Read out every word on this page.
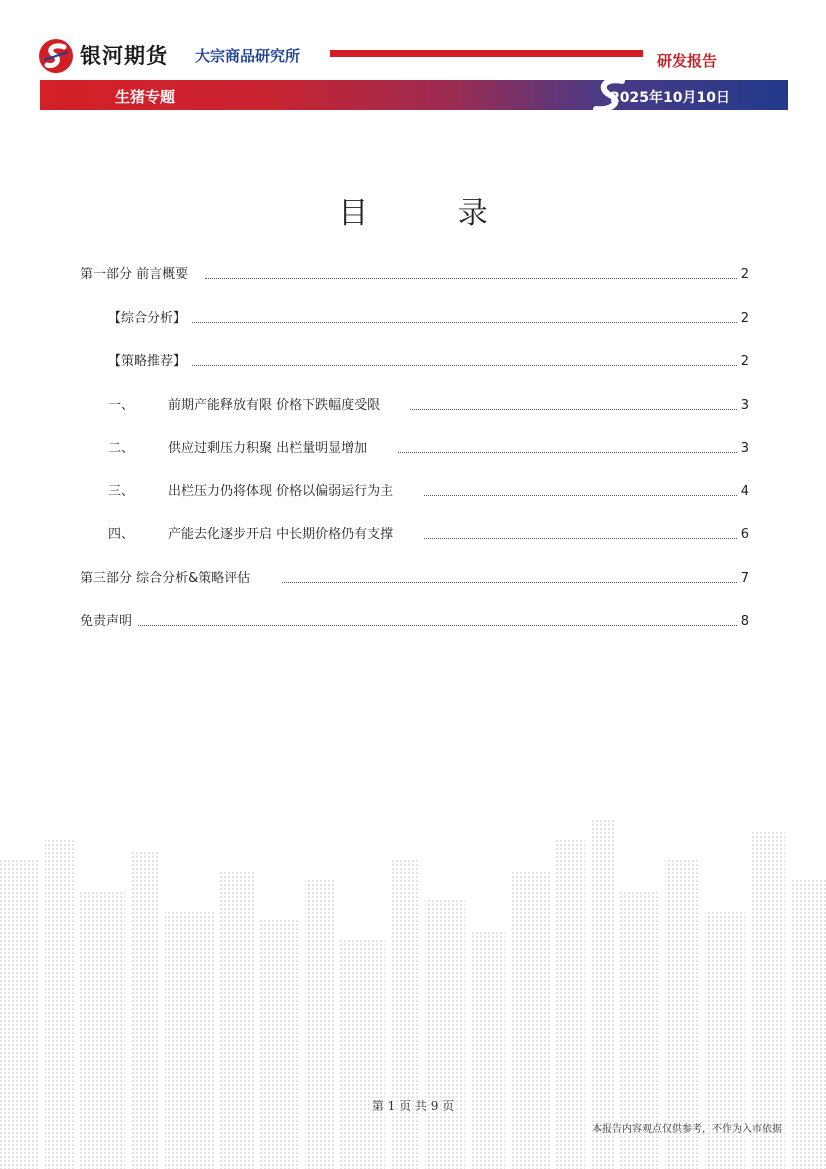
银河期货 大宗商品研究所	研发报告
生猪专题	2025年10月10日
目 录
第一部分 前言概要	2
【综合分析】	2
【策略推荐】	2
一、	前期产能释放有限 价格下跌幅度受限	3
二、	供应过剩压力积聚 出栏量明显增加	3
三、	出栏压力仍将体现 价格以偏弱运行为主	4
四、	产能去化逐步开启 中长期价格仍有支撑	6
第三部分 综合分析&策略评估	7
免责声明	8
第 1 页 共 9 页
本报告内容观点仅供参考，不作为入市依据
